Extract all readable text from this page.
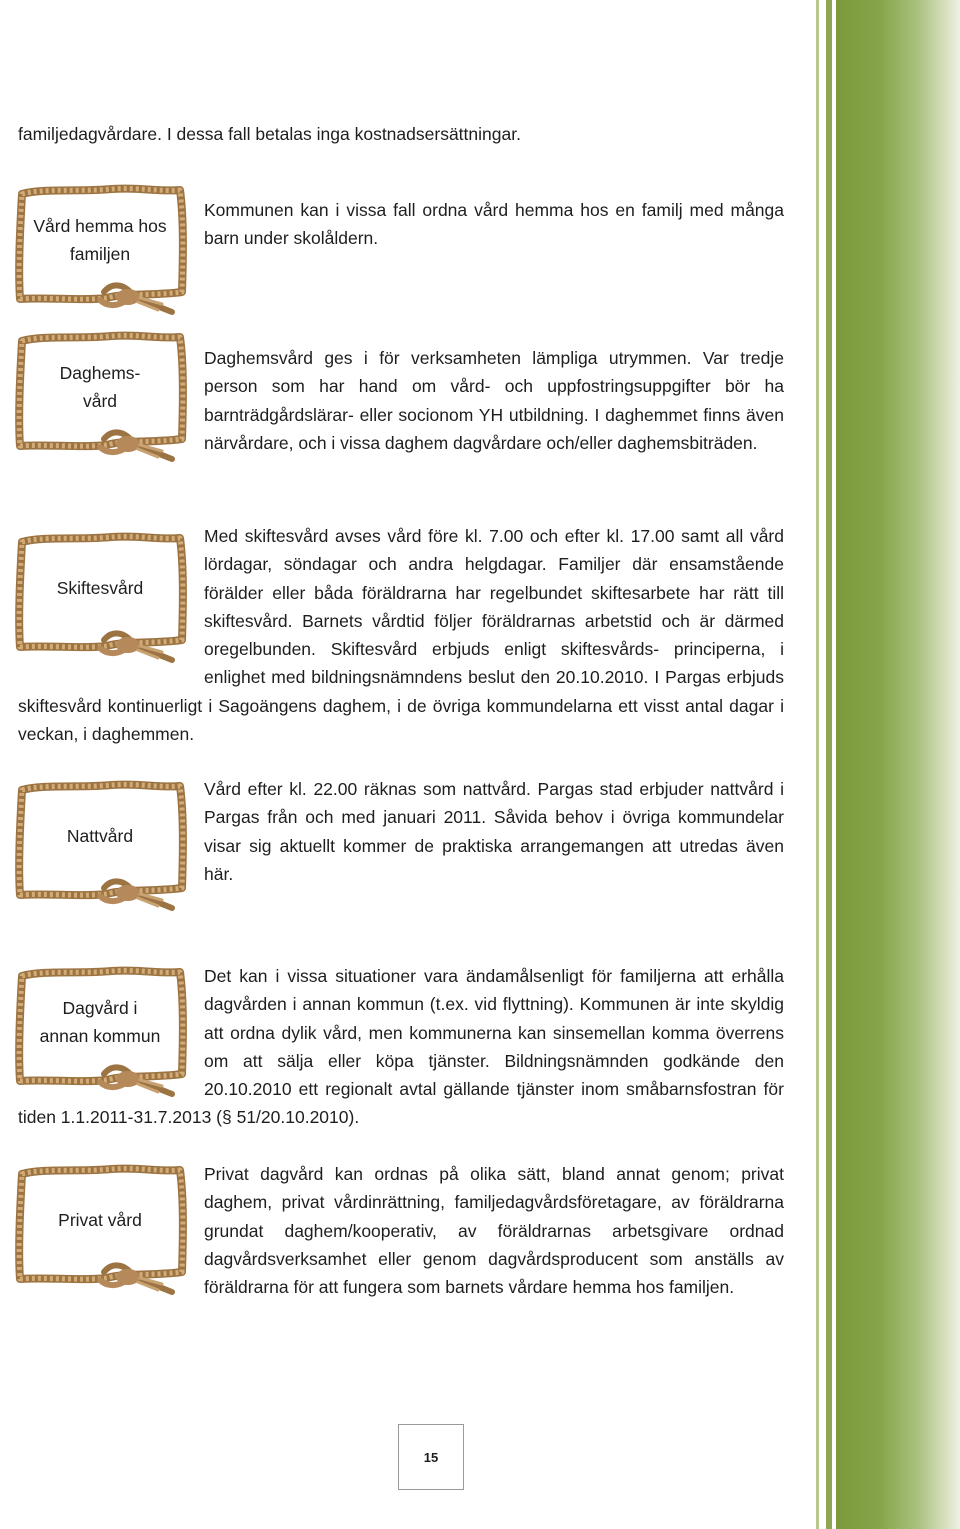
familjedagvårdare. I dessa fall betalas inga kostnadsersättningar.
Vård hemma hos familjen
Kommunen kan i vissa fall ordna vård hemma hos en familj med många barn under skolåldern.
Daghems-vård
Daghemsvård ges i för verksamheten lämpliga utrymmen. Var tredje person som har hand om vård- och uppfostringsuppgifter bör ha barnträdgårdslärar- eller socionom YH utbildning. I daghemmet finns även närvårdare, och i vissa daghem dagvårdare och/eller daghemsbiträden.
Skiftesvård
Med skiftesvård avses vård före kl. 7.00 och efter kl. 17.00 samt all vård lördagar, söndagar och andra helgdagar. Familjer där ensamstående förälder eller båda föräldrarna har regelbundet skiftesarbete har rätt till skiftesvård. Barnets vårdtid följer föräldrarnas arbetstid och är därmed oregelbunden. Skiftesvård erbjuds enligt skiftesvårds- principerna, i enlighet med bildningsnämndens beslut den 20.10.2010. I Pargas erbjuds skiftesvård kontinuerligt i Sagoängens daghem, i de övriga kommundelarna ett visst antal dagar i veckan, i daghemmen.
Nattvård
Vård efter kl. 22.00 räknas som nattvård. Pargas stad erbjuder nattvård i Pargas från och med januari 2011. Såvida behov i övriga kommundelar visar sig aktuellt kommer de praktiska arrangemangen att utredas även här.
Dagvård i annan kommun
Det kan i vissa situationer vara ändamålsenligt för familjerna att erhålla dagvården i annan kommun (t.ex. vid flyttning). Kommunen är inte skyldig att ordna dylik vård, men kommunerna kan sinsemellan komma överrens om att sälja eller köpa tjänster. Bildningsnämnden godkände den 20.10.2010 ett regionalt avtal gällande tjänster inom småbarnsfostran för tiden 1.1.2011-31.7.2013 (§ 51/20.10.2010).
Privat vård
Privat dagvård kan ordnas på olika sätt, bland annat genom; privat daghem, privat vårdinrättning, familjedagvårdsföretagare, av föräldrarna grundat daghem/kooperativ, av föräldrarnas arbetsgivare ordnad dagvårdsverksamhet eller genom dagvårdsproducent som anställs av föräldrarna för att fungera som barnets vårdare hemma hos familjen.
15
